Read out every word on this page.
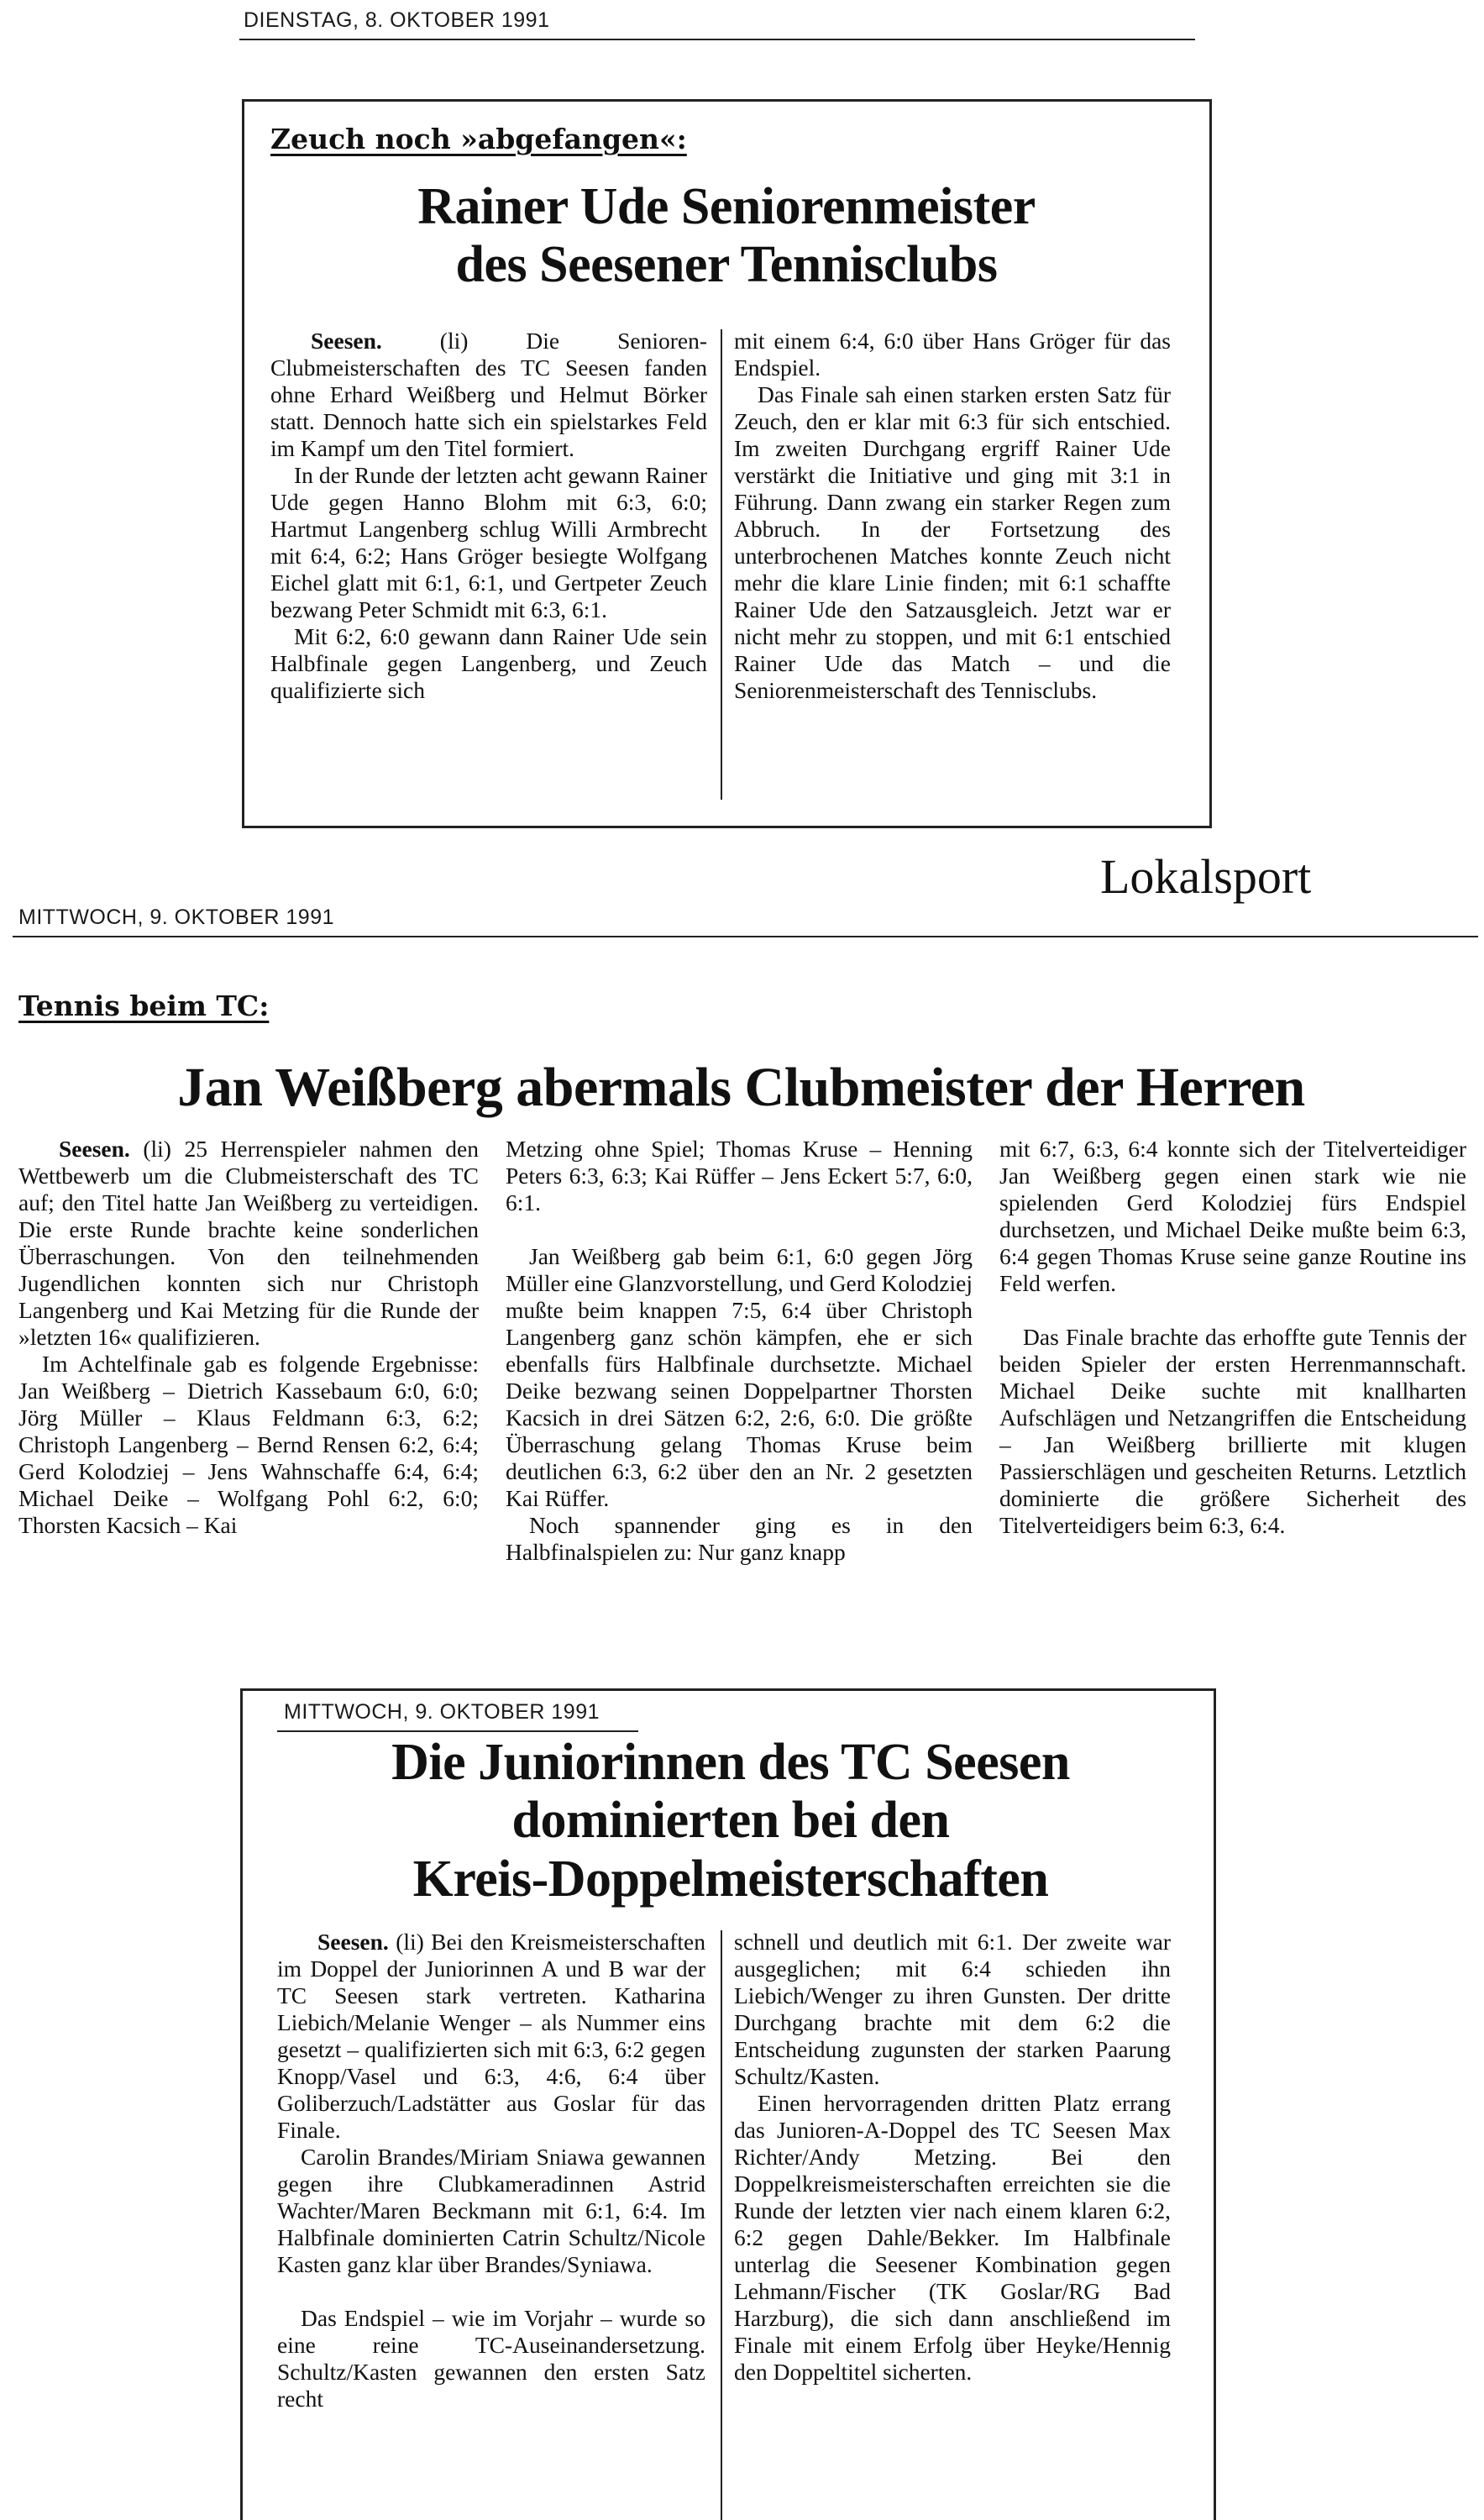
DIENSTAG, 8. OKTOBER 1991
Zeuch noch »abgefangen«:
Rainer Ude Seniorenmeister
des Seesener Tennisclubs

Seesen. (li) Die Senioren-Clubmeisterschaften des TC Seesen fanden ohne Erhard Weißberg und Helmut Börker statt. Dennoch hatte sich ein spielstarkes Feld im Kampf um den Titel formiert.

In der Runde der letzten acht gewann Rainer Ude gegen Hanno Blohm mit 6:3, 6:0; Hartmut Langenberg schlug Willi Armbrecht mit 6:4, 6:2; Hans Gröger besiegte Wolfgang Eichel glatt mit 6:1, 6:1, und Gertpeter Zeuch bezwang Peter Schmidt mit 6:3, 6:1.

Mit 6:2, 6:0 gewann dann Rainer Ude sein Halbfinale gegen Langenberg, und Zeuch qualifizierte sich

mit einem 6:4, 6:0 über Hans Gröger für das Endspiel.

Das Finale sah einen starken ersten Satz für Zeuch, den er klar mit 6:3 für sich entschied. Im zweiten Durchgang ergriff Rainer Ude verstärkt die Initiative und ging mit 3:1 in Führung. Dann zwang ein starker Regen zum Abbruch. In der Fortsetzung des unterbrochenen Matches konnte Zeuch nicht mehr die klare Linie finden; mit 6:1 schaffte Rainer Ude den Satzausgleich. Jetzt war er nicht mehr zu stoppen, und mit 6:1 entschied Rainer Ude das Match – und die Seniorenmeisterschaft des Tennisclubs.

Lokalsport
MITTWOCH, 9. OKTOBER 1991
Tennis beim TC:
Jan Weißberg abermals Clubmeister der Herren

Seesen. (li) 25 Herrenspieler nahmen den Wettbewerb um die Clubmeisterschaft des TC auf; den Titel hatte Jan Weißberg zu verteidigen. Die erste Runde brachte keine sonderlichen Überraschungen. Von den teilnehmenden Jugendlichen konnten sich nur Christoph Langenberg und Kai Metzing für die Runde der »letzten 16« qualifizieren.

Im Achtelfinale gab es folgende Ergebnisse: Jan Weißberg – Dietrich Kassebaum 6:0, 6:0; Jörg Müller – Klaus Feldmann 6:3, 6:2; Christoph Langenberg – Bernd Rensen 6:2, 6:4; Gerd Kolodziej – Jens Wahnschaffe 6:4, 6:4; Michael Deike – Wolfgang Pohl 6:2, 6:0; Thorsten Kacsich – Kai

Metzing ohne Spiel; Thomas Kruse – Henning Peters 6:3, 6:3; Kai Rüffer – Jens Eckert 5:7, 6:0, 6:1.

Jan Weißberg gab beim 6:1, 6:0 gegen Jörg Müller eine Glanzvorstellung, und Gerd Kolodziej mußte beim knappen 7:5, 6:4 über Christoph Langenberg ganz schön kämpfen, ehe er sich ebenfalls fürs Halbfinale durchsetzte. Michael Deike bezwang seinen Doppelpartner Thorsten Kacsich in drei Sätzen 6:2, 2:6, 6:0. Die größte Überraschung gelang Thomas Kruse beim deutlichen 6:3, 6:2 über den an Nr. 2 gesetzten Kai Rüffer.

Noch spannender ging es in den Halbfinalspielen zu: Nur ganz knapp

mit 6:7, 6:3, 6:4 konnte sich der Titelverteidiger Jan Weißberg gegen einen stark wie nie spielenden Gerd Kolodziej fürs Endspiel durchsetzen, und Michael Deike mußte beim 6:3, 6:4 gegen Thomas Kruse seine ganze Routine ins Feld werfen.

Das Finale brachte das erhoffte gute Tennis der beiden Spieler der ersten Herrenmannschaft. Michael Deike suchte mit knallharten Aufschlägen und Netzangriffen die Entscheidung – Jan Weißberg brillierte mit klugen Passierschlägen und gescheiten Returns. Letztlich dominierte die größere Sicherheit des Titelverteidigers beim 6:3, 6:4.

MITTWOCH, 9. OKTOBER 1991
Die Juniorinnen des TC Seesen
dominierten bei den
Kreis-Doppelmeisterschaften

Seesen. (li) Bei den Kreismeisterschaften im Doppel der Juniorinnen A und B war der TC Seesen stark vertreten. Katharina Liebich/Melanie Wenger – als Nummer eins gesetzt – qualifizierten sich mit 6:3, 6:2 gegen Knopp/Vasel und 6:3, 4:6, 6:4 über Goliberzuch/Ladstätter aus Goslar für das Finale.

Carolin Brandes/Miriam Sniawa gewannen gegen ihre Clubkameradinnen Astrid Wachter/Maren Beckmann mit 6:1, 6:4. Im Halbfinale dominierten Catrin Schultz/Nicole Kasten ganz klar über Brandes/Syniawa.

Das Endspiel – wie im Vorjahr – wurde so eine reine TC-Auseinandersetzung. Schultz/Kasten gewannen den ersten Satz recht

schnell und deutlich mit 6:1. Der zweite war ausgeglichen; mit 6:4 schieden ihn Liebich/Wenger zu ihren Gunsten. Der dritte Durchgang brachte mit dem 6:2 die Entscheidung zugunsten der starken Paarung Schultz/Kasten.

Einen hervorragenden dritten Platz errang das Junioren-A-Doppel des TC Seesen Max Richter/Andy Metzing. Bei den Doppelkreismeisterschaften erreichten sie die Runde der letzten vier nach einem klaren 6:2, 6:2 gegen Dahle/Bekker. Im Halbfinale unterlag die Seesener Kombination gegen Lehmann/Fischer (TK Goslar/RG Bad Harzburg), die sich dann anschließend im Finale mit einem Erfolg über Heyke/Hennig den Doppeltitel sicherten.
